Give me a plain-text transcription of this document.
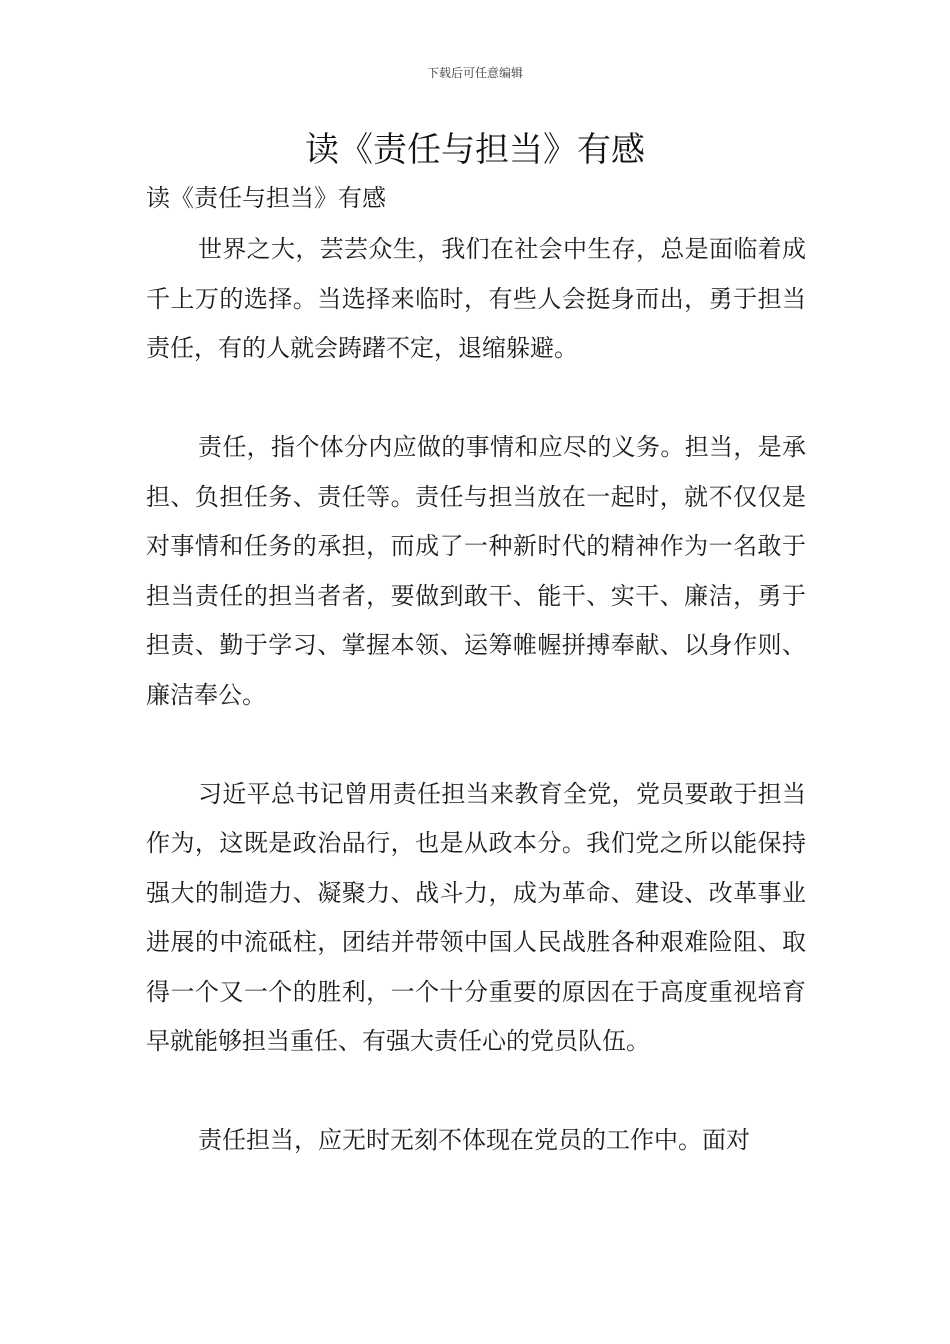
下载后可任意编辑
读《责任与担当》有感

读《责任与担当》有感

世界之大，芸芸众生，我们在社会中生存，总是面临着成千上万的选择。当选择来临时，有些人会挺身而出，勇于担当责任，有的人就会踌躇不定，退缩躲避。

责任，指个体分内应做的事情和应尽的义务。担当，是承担、负担任务、责任等。责任与担当放在一起时，就不仅仅是对事情和任务的承担，而成了一种新时代的精神作为一名敢于担当责任的担当者者，要做到敢干、能干、实干、廉洁，勇于担责、勤于学习、掌握本领、运筹帷幄拼搏奉献、以身作则、廉洁奉公。

习近平总书记曾用责任担当来教育全党，党员要敢于担当作为，这既是政治品行，也是从政本分。我们党之所以能保持强大的制造力、凝聚力、战斗力，成为革命、建设、改革事业进展的中流砥柱，团结并带领中国人民战胜各种艰难险阻、取得一个又一个的胜利，一个十分重要的原因在于高度重视培育早就能够担当重任、有强大责任心的党员队伍。

责任担当，应无时无刻不体现在党员的工作中。面对
